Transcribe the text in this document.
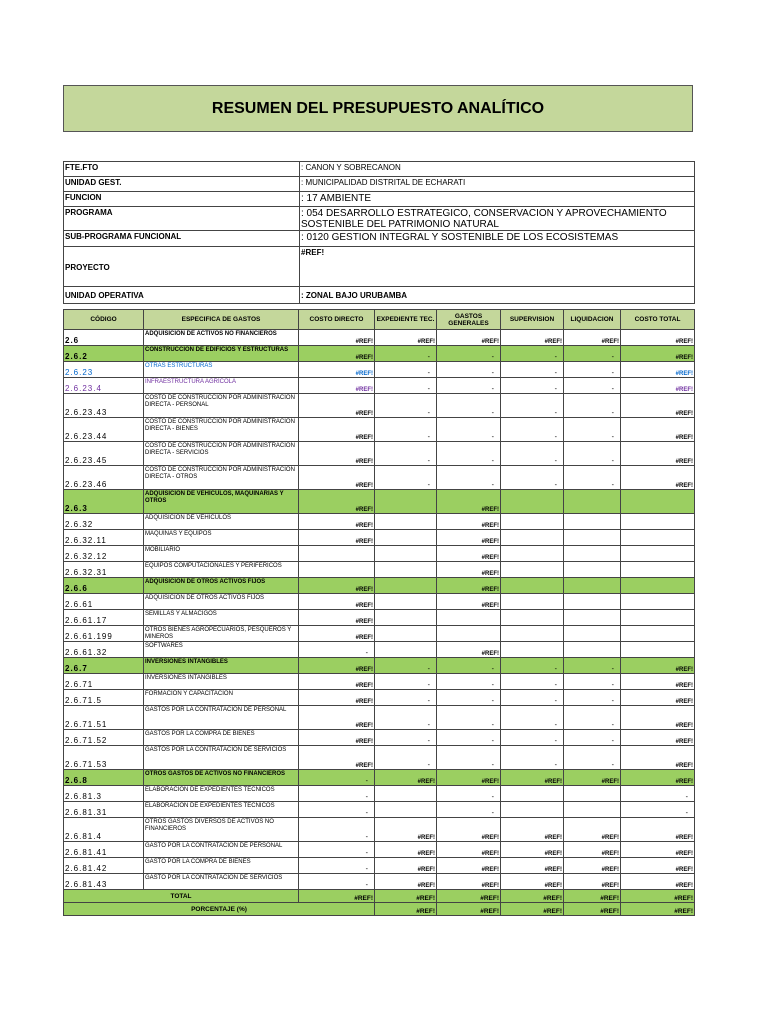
RESUMEN DEL PRESUPUESTO ANALÍTICO
FTE.FTO	: CANON Y SOBRECANON
UNIDAD GEST.	: MUNICIPALIDAD DISTRITAL DE ECHARATI
FUNCION	: 17 AMBIENTE
PROGRAMA	: 054 DESARROLLO ESTRATEGICO, CONSERVACION Y APROVECHAMIENTO SOSTENIBLE DEL PATRIMONIO NATURAL
SUB-PROGRAMA FUNCIONAL	: 0120 GESTION INTEGRAL Y SOSTENIBLE DE LOS ECOSISTEMAS
PROYECTO	#REF!
UNIDAD OPERATIVA	: ZONAL BAJO URUBAMBA
CÓDIGO	ESPECIFICA DE GASTOS	COSTO DIRECTO	EXPEDIENTE TEC.	GASTOS GENERALES	SUPERVISION	LIQUIDACION	COSTO TOTAL
2.6	ADQUISICION DE ACTIVOS NO FINANCIEROS	#REF!	#REF!	#REF!	#REF!	#REF!	#REF!
2.6.2	CONSTRUCCION DE EDIFICIOS Y ESTRUCTURAS	#REF!	-	-	-	-	#REF!
2.6.23	OTRAS ESTRUCTURAS	#REF!	-	-	-	-	#REF!
2.6.23.4	INFRAESTRUCTURA AGRÍCOLA	#REF!	-	-	-	-	#REF!
2.6.23.43	COSTO DE CONSTRUCCION POR ADMINISTRACION DIRECTA - PERSONAL	#REF!	-	-	-	-	#REF!
2.6.23.44	COSTO DE CONSTRUCCION POR ADMINISTRACION DIRECTA - BIENES	#REF!	-	-	-	-	#REF!
2.6.23.45	COSTO DE CONSTRUCCION POR ADMINISTRACION DIRECTA - SERVICIOS	#REF!	-	-	-	-	#REF!
2.6.23.46	COSTO DE CONSTRUCCION POR ADMINISTRACION DIRECTA - OTROS	#REF!	-	-	-	-	#REF!
2.6.3	ADQUISICIÓN DE VEHICULOS, MAQUINARIAS Y OTROS	#REF!		#REF!			
2.6.32	ADQUISICIÓN DE VEHICULOS	#REF!		#REF!			
2.6.32.11	MAQUINAS Y EQUIPOS	#REF!		#REF!			
2.6.32.12	MOBILIARIO			#REF!			
2.6.32.31	EQUIPOS COMPUTACIONALES Y PERIFERICOS			#REF!			
2.6.6	ADQUISICIÓN DE OTROS ACTIVOS FIJOS	#REF!		#REF!			
2.6.61	ADQUISICIÓN DE OTROS ACTIVOS FIJOS	#REF!		#REF!			
2.6.61.17	SEMILLAS Y ALMACIGOS	#REF!					
2.6.61.199	OTROS BIENES AGROPECUARIOS, PESQUEROS Y MINEROS	#REF!					
2.6.61.32	SOFTWARES	-		#REF!			
2.6.7	INVERSIONES INTANGIBLES	#REF!	-	-	-	-	#REF!
2.6.71	INVERSIONES INTANGIBLES	#REF!	-	-	-	-	#REF!
2.6.71.5	FORMACION Y CAPACITACION	#REF!	-	-	-	-	#REF!
2.6.71.51	GASTOS POR LA CONTRATACION DE PERSONAL	#REF!	-	-	-	-	#REF!
2.6.71.52	GASTOS POR LA COMPRA DE BIENES	#REF!	-	-	-	-	#REF!
2.6.71.53	GASTOS POR LA CONTRATACION DE SERVICIOS	#REF!	-	-	-	-	#REF!
2.6.8	OTROS GASTOS DE ACTIVOS NO FINANCIEROS	-	#REF!	#REF!	#REF!	#REF!	#REF!
2.6.81.3	ELABORACION DE EXPEDIENTES TECNICOS	-		-			-
2.6.81.31	ELABORACION DE EXPEDIENTES TECNICOS	-		-			-
2.6.81.4	OTROS GASTOS DIVERSOS DE ACTIVOS NO FINANCIEROS	-	#REF!	#REF!	#REF!	#REF!	#REF!
2.6.81.41	GASTO POR LA CONTRATACION DE PERSONAL	-	#REF!	#REF!	#REF!	#REF!	#REF!
2.6.81.42	GASTO POR LA COMPRA DE BIENES	-	#REF!	#REF!	#REF!	#REF!	#REF!
2.6.81.43	GASTO POR LA CONTRATACION DE SERVICIOS	-	#REF!	#REF!	#REF!	#REF!	#REF!
TOTAL		#REF!	#REF!	#REF!	#REF!	#REF!	#REF!
PORCENTAJE (%)			#REF!	#REF!	#REF!	#REF!	#REF!
